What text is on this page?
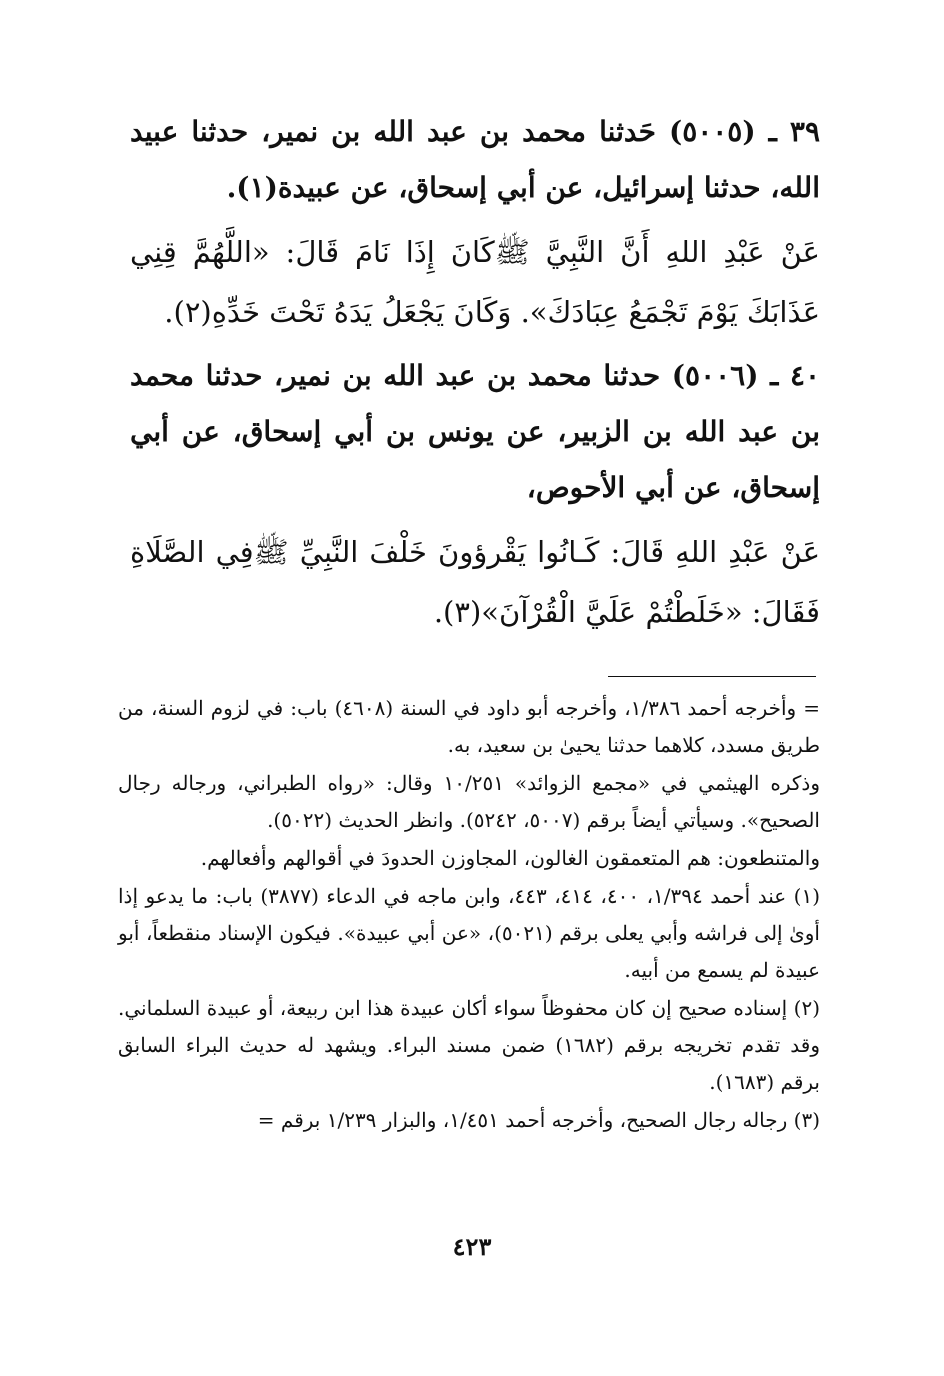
٣٩ ـ (٥٠٠٥) حَدثنا محمد بن عبد الله بن نمير، حدثنا عبيد الله، حدثنا إسرائيل، عن أبي إسحاق، عن عبيدة(١).

عَنْ عَبْدِ اللهِ أَنَّ النَّبِيَّ ﷺكَانَ إِذَا نَامَ قَالَ: «اللَّهُمَّ قِنِي عَذَابَكَ يَوْمَ تَجْمَعُ عِبَادَكَ». وَكَانَ يَجْعَلُ يَدَهُ تَحْتَ خَدِّهِ(٢).

٤٠ ـ (٥٠٠٦) حدثنا محمد بن عبد الله بن نمير، حدثنا محمد بن عبد الله بن الزبير، عن يونس بن أبي إسحاق، عن أبي إسحاق، عن أبي الأحوص،

عَنْ عَبْدِ اللهِ قَالَ: كَـانُوا يَقْرؤونَ خَلْفَ النَّبِيِّ ﷺفِي الصَّلَاةِ فَقَالَ: «خَلَطْتُمْ عَلَيَّ الْقُرْآنَ»(٣).

= وأخرجه أحمد ١/٣٨٦، وأخرجه أبو داود في السنة (٤٦٠٨) باب: في لزوم السنة، من طريق مسدد، كلاهما حدثنا يحيىٰ بن سعيد، به.

وذكره الهيثمي في «مجمع الزوائد» ١٠/٢٥١ وقال: «رواه الطبراني، ورجاله رجال الصحيح». وسيأتي أيضاً برقم (٥٠٠٧، ٥٢٤٢). وانظر الحديث (٥٠٢٢).

والمتنطعون: هم المتعمقون الغالون، المجاوزن الحدودَ في أقوالهم وأفعالهم.

(١) عند أحمد ١/٣٩٤، ٤٠٠، ٤١٤، ٤٤٣، وابن ماجه في الدعاء (٣٨٧٧) باب: ما يدعو إذا أوىٰ إلى فراشه وأبي يعلى برقم (٥٠٢١)، «عن أبي عبيدة». فيكون الإسناد منقطعاً، أبو عبيدة لم يسمع من أبيه.

(٢) إسناده صحيح إن كان محفوظاً سواء أكان عبيدة هذا ابن ربيعة، أو عبيدة السلماني. وقد تقدم تخريجه برقم (١٦٨٢) ضمن مسند البراء. ويشهد له حديث البراء السابق برقم (١٦٨٣).

(٣) رجاله رجال الصحيح، وأخرجه أحمد ١/٤٥١، والبزار ١/٢٣٩ برقم =

٤٢٣
